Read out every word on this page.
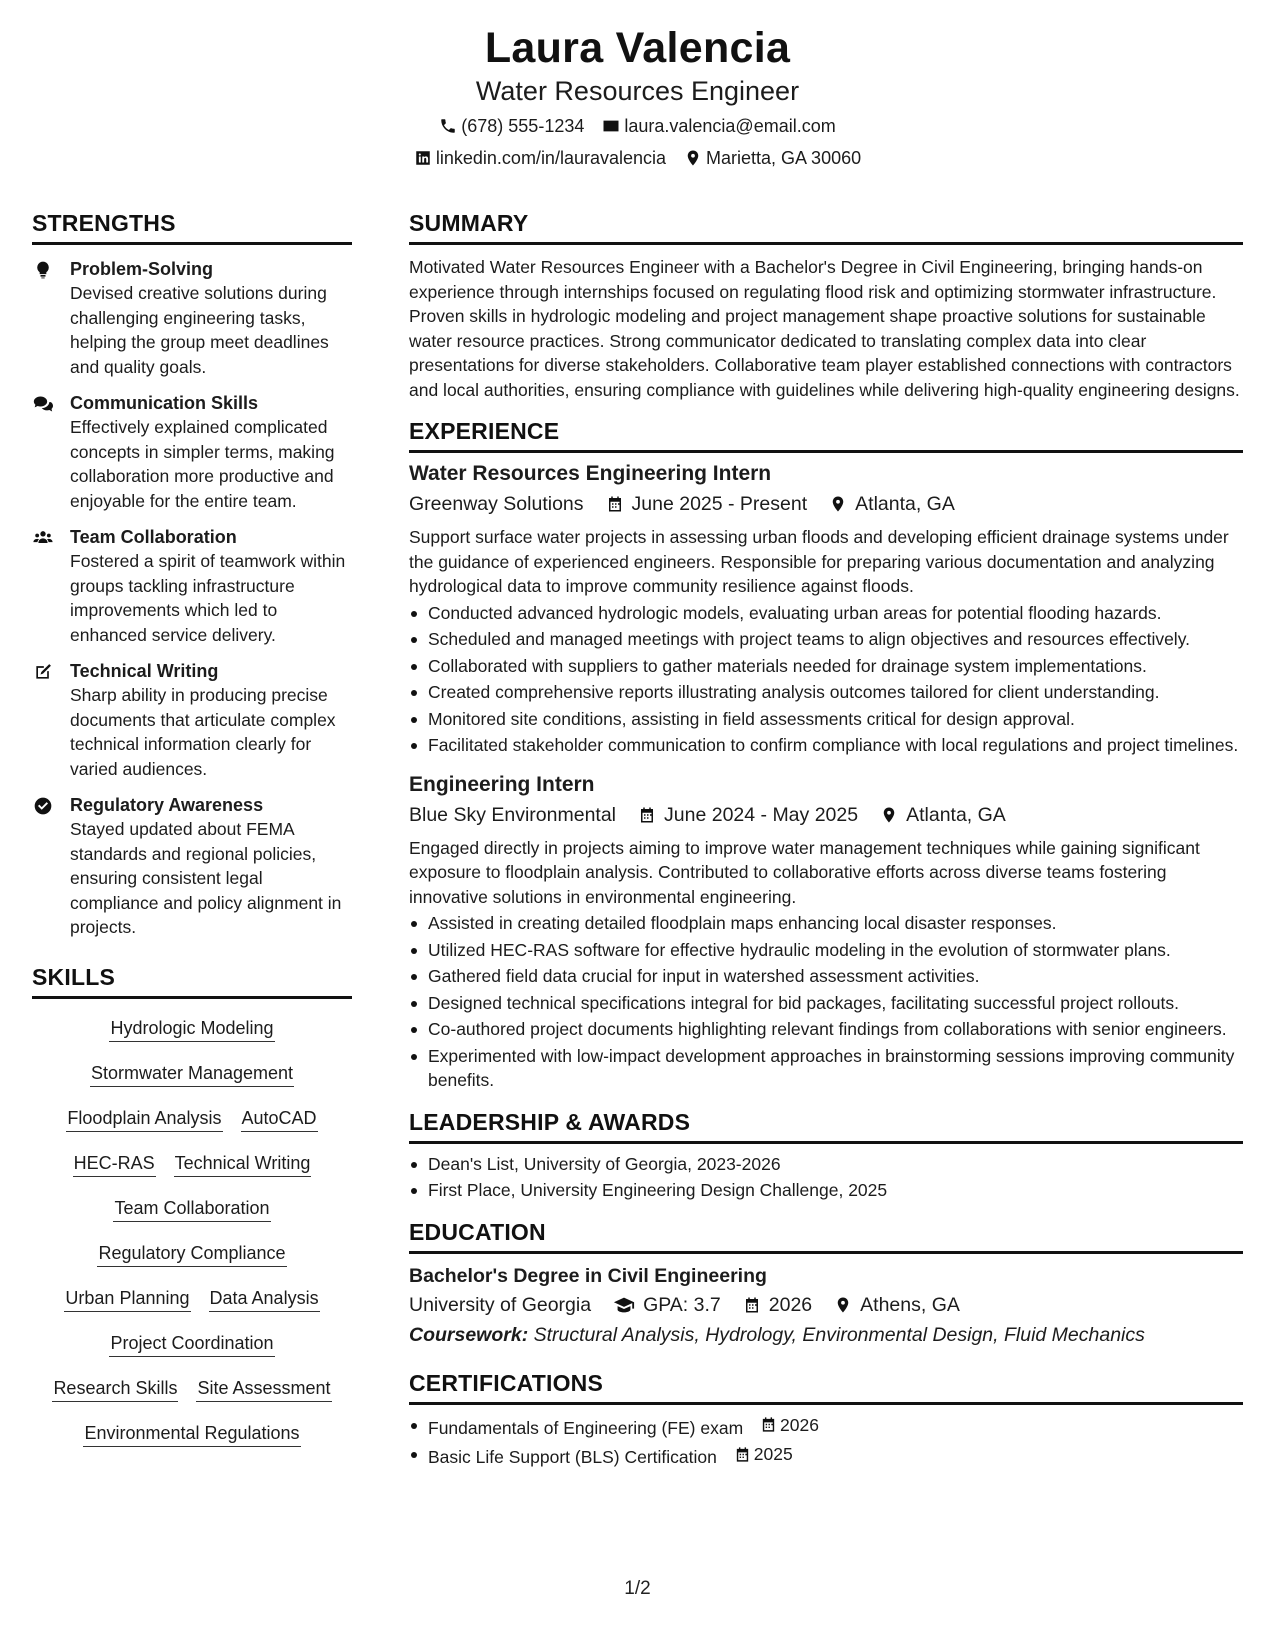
Laura Valencia
Water Resources Engineer
(678) 555-1234 laura.valencia@email.com
linkedin.com/in/lauravalencia Marietta, GA 30060
STRENGTHS
Problem-Solving
Devised creative solutions during challenging engineering tasks, helping the group meet deadlines and quality goals.
Communication Skills
Effectively explained complicated concepts in simpler terms, making collaboration more productive and enjoyable for the entire team.
Team Collaboration
Fostered a spirit of teamwork within groups tackling infrastructure improvements which led to enhanced service delivery.
Technical Writing
Sharp ability in producing precise documents that articulate complex technical information clearly for varied audiences.
Regulatory Awareness
Stayed updated about FEMA standards and regional policies, ensuring consistent legal compliance and policy alignment in projects.
SKILLS
Hydrologic Modeling
Stormwater Management
Floodplain Analysis AutoCAD
HEC-RAS Technical Writing
Team Collaboration
Regulatory Compliance
Urban Planning Data Analysis
Project Coordination
Research Skills Site Assessment
Environmental Regulations
SUMMARY
Motivated Water Resources Engineer with a Bachelor's Degree in Civil Engineering, bringing hands-on experience through internships focused on regulating flood risk and optimizing stormwater infrastructure. Proven skills in hydrologic modeling and project management shape proactive solutions for sustainable water resource practices. Strong communicator dedicated to translating complex data into clear presentations for diverse stakeholders. Collaborative team player established connections with contractors and local authorities, ensuring compliance with guidelines while delivering high-quality engineering designs.
EXPERIENCE
Water Resources Engineering Intern
Greenway Solutions June 2025 - Present Atlanta, GA
Support surface water projects in assessing urban floods and developing efficient drainage systems under the guidance of experienced engineers. Responsible for preparing various documentation and analyzing hydrological data to improve community resilience against floods.
Conducted advanced hydrologic models, evaluating urban areas for potential flooding hazards.
Scheduled and managed meetings with project teams to align objectives and resources effectively.
Collaborated with suppliers to gather materials needed for drainage system implementations.
Created comprehensive reports illustrating analysis outcomes tailored for client understanding.
Monitored site conditions, assisting in field assessments critical for design approval.
Facilitated stakeholder communication to confirm compliance with local regulations and project timelines.
Engineering Intern
Blue Sky Environmental June 2024 - May 2025 Atlanta, GA
Engaged directly in projects aiming to improve water management techniques while gaining significant exposure to floodplain analysis. Contributed to collaborative efforts across diverse teams fostering innovative solutions in environmental engineering.
Assisted in creating detailed floodplain maps enhancing local disaster responses.
Utilized HEC-RAS software for effective hydraulic modeling in the evolution of stormwater plans.
Gathered field data crucial for input in watershed assessment activities.
Designed technical specifications integral for bid packages, facilitating successful project rollouts.
Co-authored project documents highlighting relevant findings from collaborations with senior engineers.
Experimented with low-impact development approaches in brainstorming sessions improving community benefits.
LEADERSHIP & AWARDS
Dean's List, University of Georgia, 2023-2026
First Place, University Engineering Design Challenge, 2025
EDUCATION
Bachelor's Degree in Civil Engineering
University of Georgia	GPA: 3.7 2026 Athens, GA
Coursework: Structural Analysis, Hydrology, Environmental Design, Fluid Mechanics
CERTIFICATIONS
Fundamentals of Engineering (FE) exam 2026
Basic Life Support (BLS) Certification 2025
1/2
